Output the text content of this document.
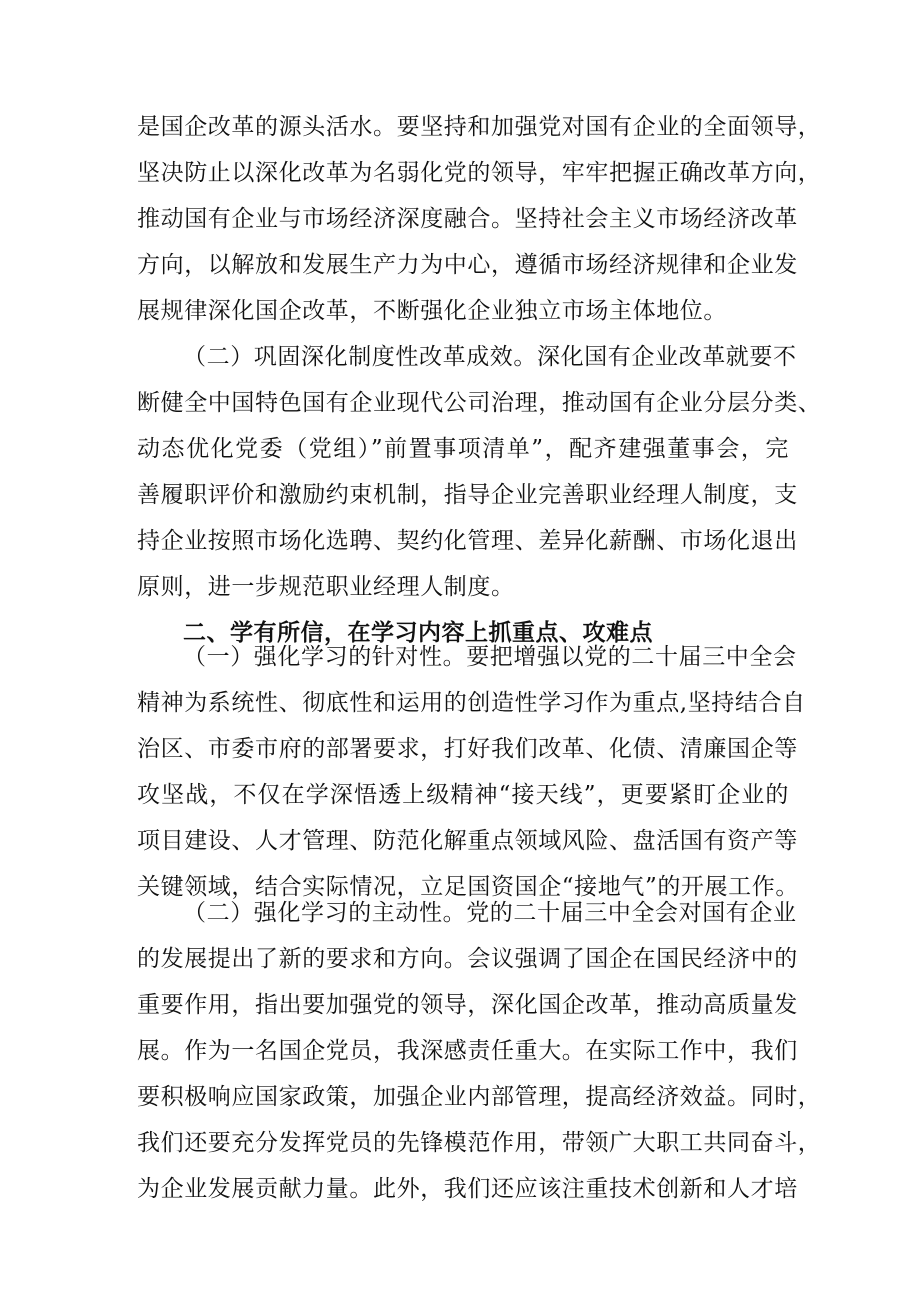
是国企改革的源头活水。要坚持和加强党对国有企业的全面领导，
坚决防止以深化改革为名弱化党的领导，牢牢把握正确改革方向，
推动国有企业与市场经济深度融合。坚持社会主义市场经济改革
方向，以解放和发展生产力为中心，遵循市场经济规律和企业发
展规律深化国企改革，不断强化企业独立市场主体地位。
（二）巩固深化制度性改革成效。深化国有企业改革就要不
断健全中国特色国有企业现代公司治理，推动国有企业分层分类、
动态优化党委（党组）”前置事项清单”，配齐建强董事会，完
善履职评价和激励约束机制，指导企业完善职业经理人制度，支
持企业按照市场化选聘、契约化管理、差异化薪酬、市场化退出
原则，进一步规范职业经理人制度。
二、学有所信，在学习内容上抓重点、攻难点
（一）强化学习的针对性。要把增强以党的二十届三中全会
精神为系统性、彻底性和运用的创造性学习作为重点,坚持结合自
治区、市委市府的部署要求，打好我们改革、化债、清廉国企等
攻坚战，不仅在学深悟透上级精神“接天线”，更要紧盯企业的
项目建设、人才管理、防范化解重点领域风险、盘活国有资产等
关键领域，结合实际情况，立足国资国企“接地气”的开展工作。
（二）强化学习的主动性。党的二十届三中全会对国有企业
的发展提出了新的要求和方向。会议强调了国企在国民经济中的
重要作用，指出要加强党的领导，深化国企改革，推动高质量发
展。作为一名国企党员，我深感责任重大。在实际工作中，我们
要积极响应国家政策，加强企业内部管理，提高经济效益。同时，
我们还要充分发挥党员的先锋模范作用，带领广大职工共同奋斗，
为企业发展贡献力量。此外，我们还应该注重技术创新和人才培
